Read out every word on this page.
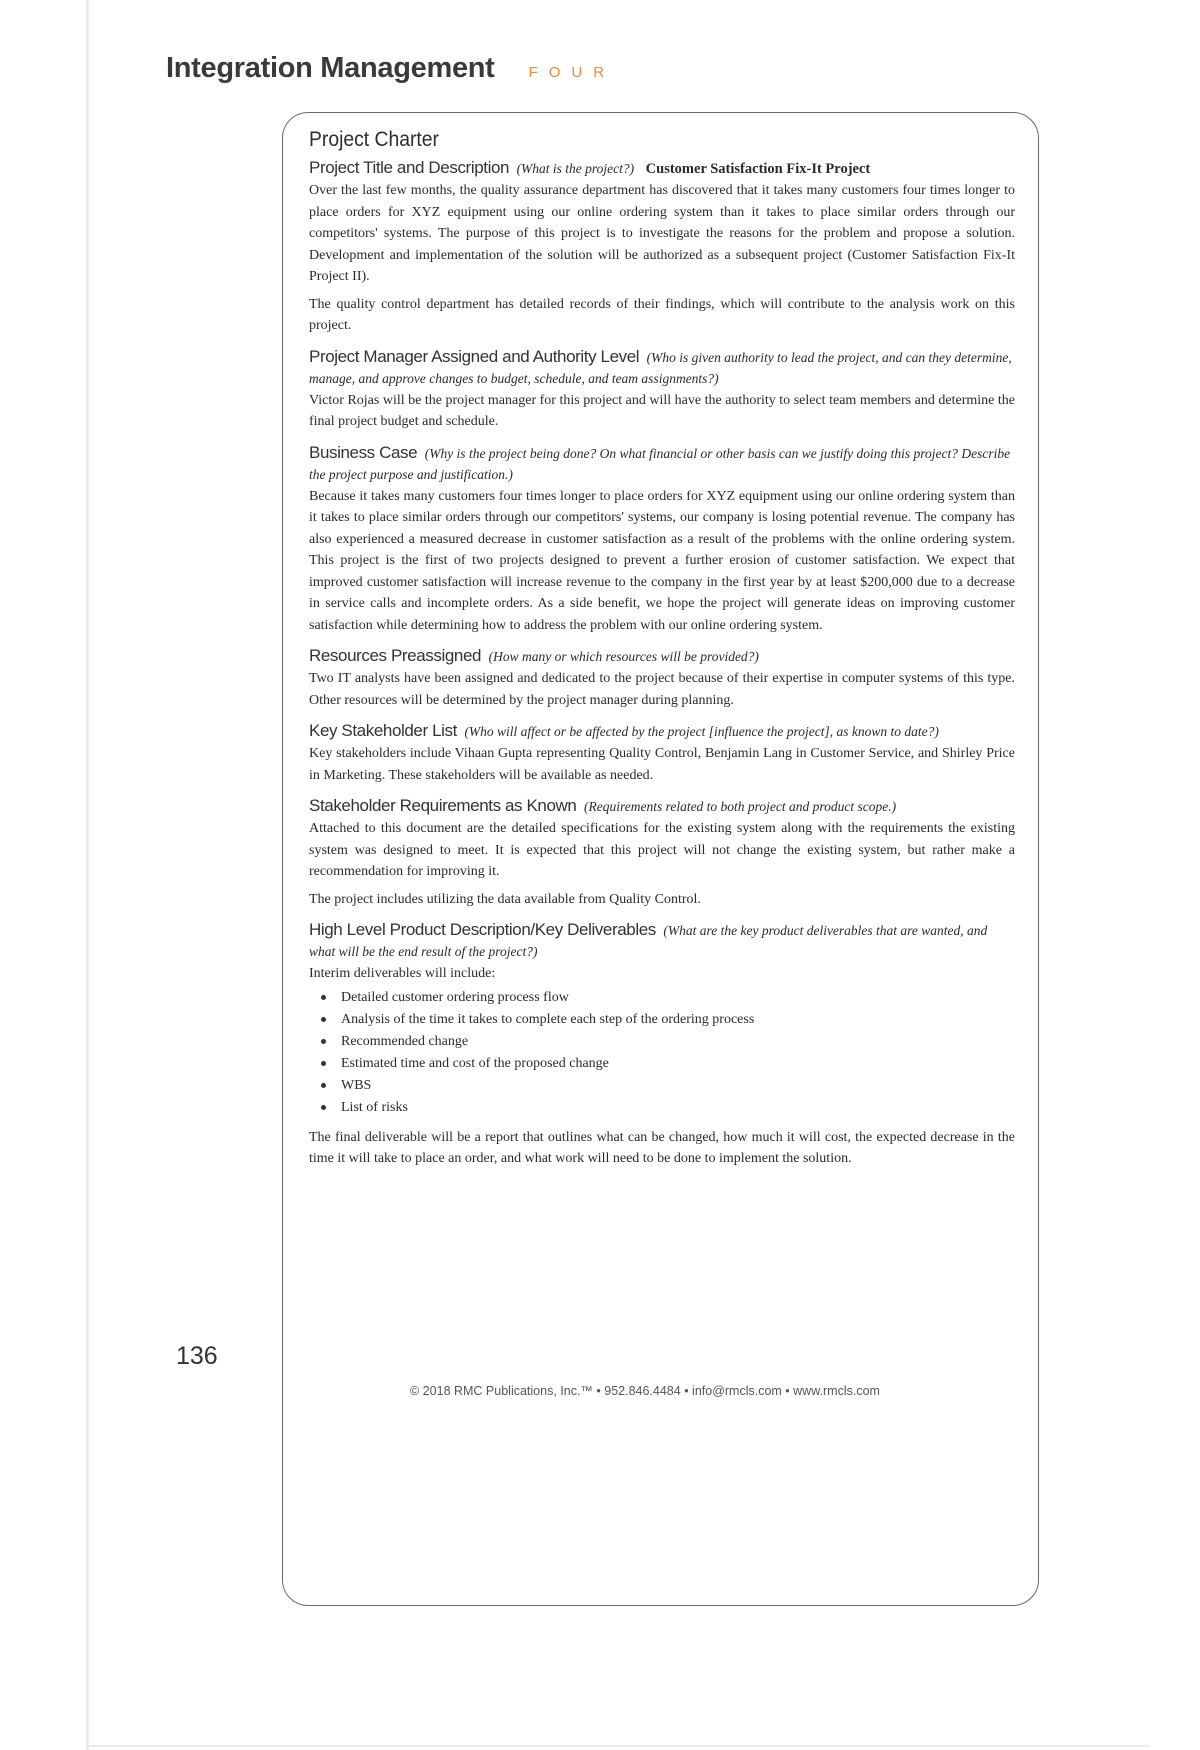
Integration Management FOUR
Project Charter
Project Title and Description (What is the project?) Customer Satisfaction Fix-It Project

Over the last few months, the quality assurance department has discovered that it takes many customers four times longer to place orders for XYZ equipment using our online ordering system than it takes to place similar orders through our competitors' systems. The purpose of this project is to investigate the reasons for the problem and propose a solution. Development and implementation of the solution will be authorized as a subsequent project (Customer Satisfaction Fix-It Project II).

The quality control department has detailed records of their findings, which will contribute to the analysis work on this project.

Project Manager Assigned and Authority Level (Who is given authority to lead the project, and can they determine, manage, and approve changes to budget, schedule, and team assignments?)

Victor Rojas will be the project manager for this project and will have the authority to select team members and determine the final project budget and schedule.

Business Case (Why is the project being done? On what financial or other basis can we justify doing this project? Describe the project purpose and justification.)

Because it takes many customers four times longer to place orders for XYZ equipment using our online ordering system than it takes to place similar orders through our competitors' systems, our company is losing potential revenue. The company has also experienced a measured decrease in customer satisfaction as a result of the problems with the online ordering system. This project is the first of two projects designed to prevent a further erosion of customer satisfaction. We expect that improved customer satisfaction will increase revenue to the company in the first year by at least $200,000 due to a decrease in service calls and incomplete orders. As a side benefit, we hope the project will generate ideas on improving customer satisfaction while determining how to address the problem with our online ordering system.

Resources Preassigned (How many or which resources will be provided?)

Two IT analysts have been assigned and dedicated to the project because of their expertise in computer systems of this type. Other resources will be determined by the project manager during planning.

Key Stakeholder List (Who will affect or be affected by the project [influence the project], as known to date?)

Key stakeholders include Vihaan Gupta representing Quality Control, Benjamin Lang in Customer Service, and Shirley Price in Marketing. These stakeholders will be available as needed.

Stakeholder Requirements as Known (Requirements related to both project and product scope.)

Attached to this document are the detailed specifications for the existing system along with the requirements the existing system was designed to meet. It is expected that this project will not change the existing system, but rather make a recommendation for improving it.

The project includes utilizing the data available from Quality Control.

High Level Product Description/Key Deliverables (What are the key product deliverables that are wanted, and what will be the end result of the project?)

Interim deliverables will include:

Detailed customer ordering process flow
Analysis of the time it takes to complete each step of the ordering process
Recommended change
Estimated time and cost of the proposed change
WBS
List of risks

The final deliverable will be a report that outlines what can be changed, how much it will cost, the expected decrease in the time it will take to place an order, and what work will need to be done to implement the solution.

136
© 2018 RMC Publications, Inc.™ • 952.846.4484 • info@rmcls.com • www.rmcls.com
